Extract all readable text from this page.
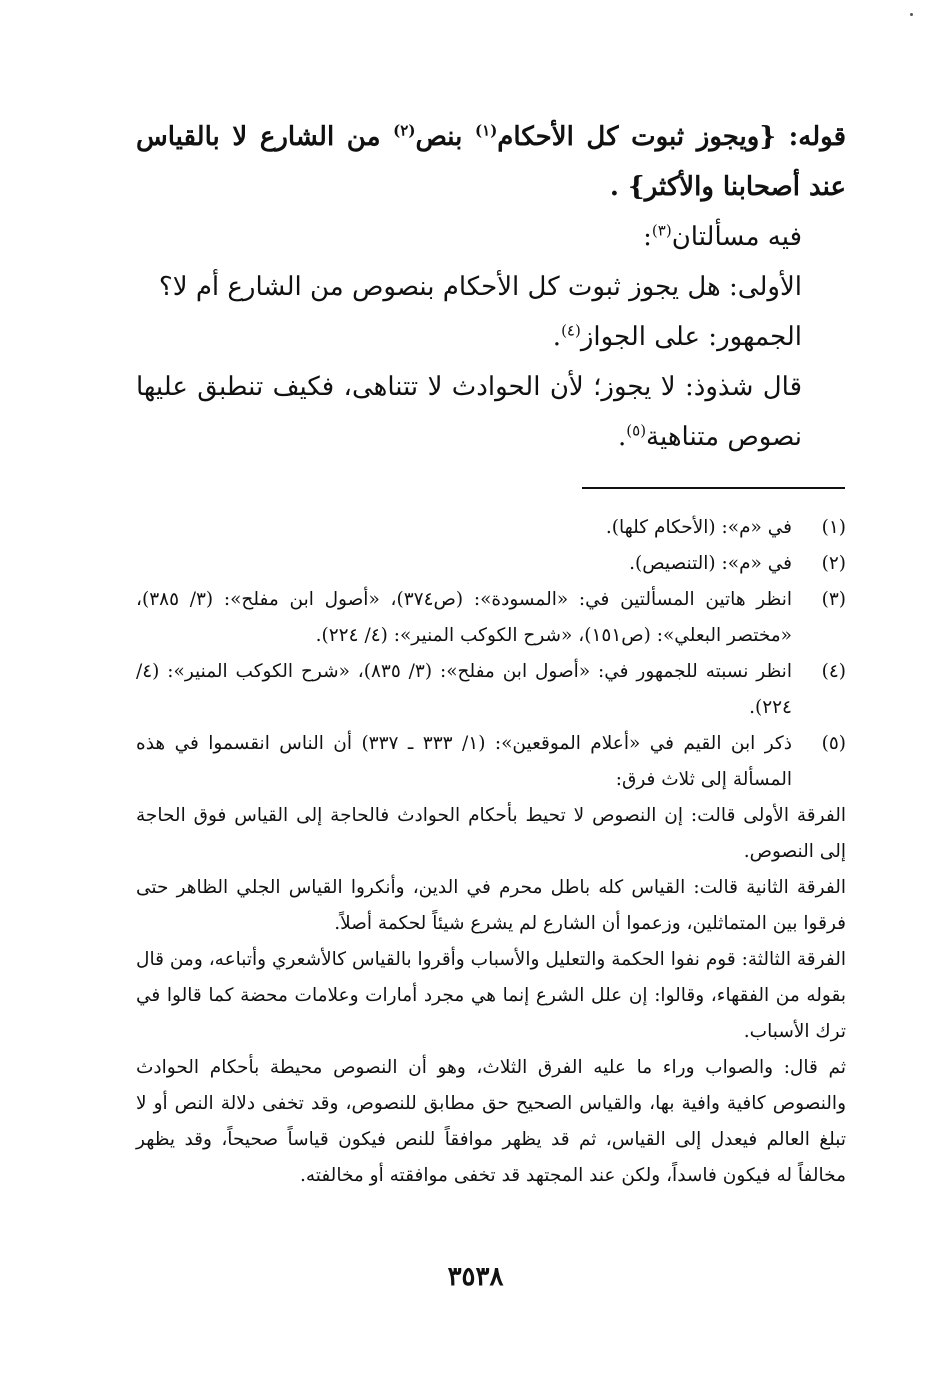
قوله: {ويجوز ثبوت كل الأحكام$^{(١)}$ بنص$^{(٢)}$ من الشارع لا بالقياس عند أصحابنا والأكثر} .

فيه مسألتان$^{(٣)}$:

الأولى: هل يجوز ثبوت كل الأحكام بنصوص من الشارع أم لا؟

الجمهور: على الجواز$^{(٤)}$.

قال شذوذ: لا يجوز؛ لأن الحوادث لا تتناهى، فكيف تنطبق عليها نصوص متناهية$^{(٥)}$.

(١)
في «م»: (الأحكام كلها).
(٢)
في «م»: (التنصيص).
(٣)
انظر هاتين المسألتين في: «المسودة»: (ص٣٧٤)، «أصول ابن مفلح»: (٣/ ٣٨٥)، «مختصر البعلي»: (ص١٥١)، «شرح الكوكب المنير»: (٤/ ٢٢٤).
(٤)
انظر نسبته للجمهور في: «أصول ابن مفلح»: (٣/ ٨٣٥)، «شرح الكوكب المنير»: (٤/ ٢٢٤).
(٥)
ذكر ابن القيم في «أعلام الموقعين»: (١/ ٣٣٣ ـ ٣٣٧) أن الناس انقسموا في هذه المسألة إلى ثلاث فرق:

الفرقة الأولى قالت: إن النصوص لا تحيط بأحكام الحوادث فالحاجة إلى القياس فوق الحاجة إلى النصوص.

الفرقة الثانية قالت: القياس كله باطل محرم في الدين، وأنكروا القياس الجلي الظاهر حتى فرقوا بين المتماثلين، وزعموا أن الشارع لم يشرع شيئاً لحكمة أصلاً.

الفرقة الثالثة: قوم نفوا الحكمة والتعليل والأسباب وأقروا بالقياس كالأشعري وأتباعه، ومن قال بقوله من الفقهاء، وقالوا: إن علل الشرع إنما هي مجرد أمارات وعلامات محضة كما قالوا في ترك الأسباب.

ثم قال: والصواب وراء ما عليه الفرق الثلاث، وهو أن النصوص محيطة بأحكام الحوادث والنصوص كافية وافية بها، والقياس الصحيح حق مطابق للنصوص، وقد تخفى دلالة النص أو لا تبلغ العالم فيعدل إلى القياس، ثم قد يظهر موافقاً للنص فيكون قياساً صحيحاً، وقد يظهر مخالفاً له فيكون فاسداً، ولكن عند المجتهد قد تخفى موافقته أو مخالفته.

٣٥٣٨
